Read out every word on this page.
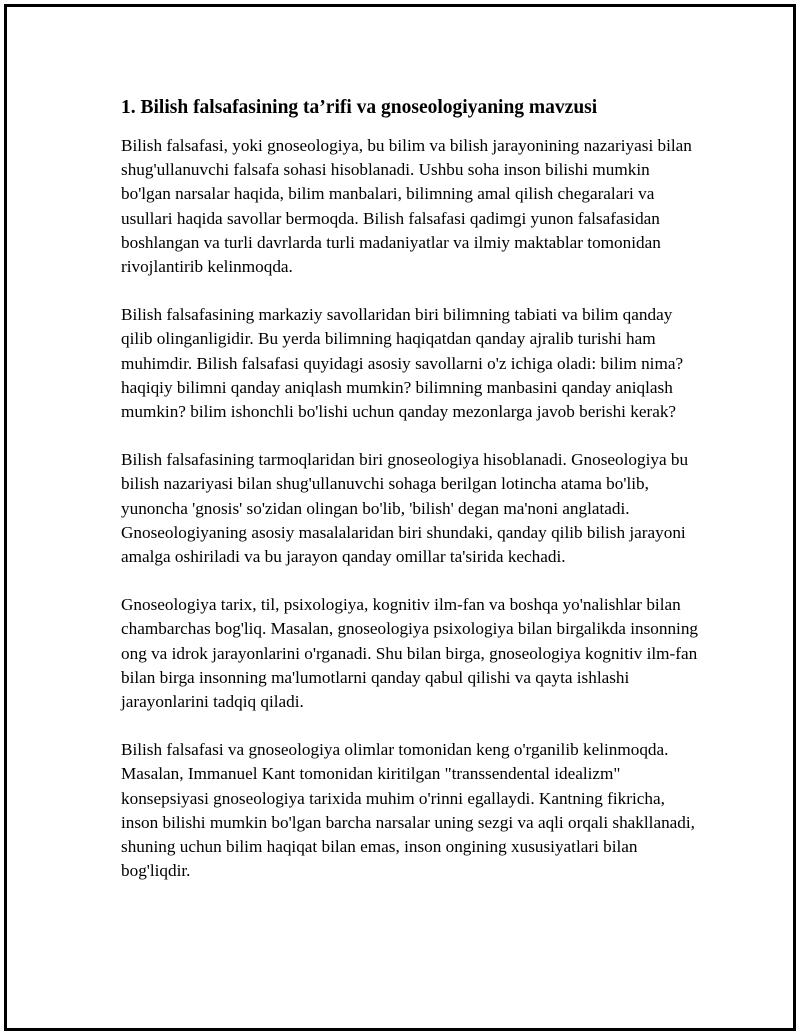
1. Bilish falsafasining ta’rifi va gnoseologiyaning mavzusi

Bilish falsafasi, yoki gnoseologiya, bu bilim va bilish jarayonining nazariyasi bilan shug'ullanuvchi falsafa sohasi hisoblanadi. Ushbu soha inson bilishi mumkin bo'lgan narsalar haqida, bilim manbalari, bilimning amal qilish chegaralari va usullari haqida savollar bermoqda. Bilish falsafasi qadimgi yunon falsafasidan boshlangan va turli davrlarda turli madaniyatlar va ilmiy maktablar tomonidan rivojlantirib kelinmoqda.

Bilish falsafasining markaziy savollaridan biri bilimning tabiati va bilim qanday qilib olinganligidir. Bu yerda bilimning haqiqatdan qanday ajralib turishi ham muhimdir. Bilish falsafasi quyidagi asosiy savollarni o'z ichiga oladi: bilim nima? haqiqiy bilimni qanday aniqlash mumkin? bilimning manbasini qanday aniqlash mumkin? bilim ishonchli bo'lishi uchun qanday mezonlarga javob berishi kerak?

Bilish falsafasining tarmoqlaridan biri gnoseologiya hisoblanadi. Gnoseologiya bu bilish nazariyasi bilan shug'ullanuvchi sohaga berilgan lotincha atama bo'lib, yunoncha 'gnosis' so'zidan olingan bo'lib, 'bilish' degan ma'noni anglatadi. Gnoseologiyaning asosiy masalalaridan biri shundaki, qanday qilib bilish jarayoni amalga oshiriladi va bu jarayon qanday omillar ta'sirida kechadi.

Gnoseologiya tarix, til, psixologiya, kognitiv ilm-fan va boshqa yo'nalishlar bilan chambarchas bog'liq. Masalan, gnoseologiya psixologiya bilan birgalikda insonning ong va idrok jarayonlarini o'rganadi. Shu bilan birga, gnoseologiya kognitiv ilm-fan bilan birga insonning ma'lumotlarni qanday qabul qilishi va qayta ishlashi jarayonlarini tadqiq qiladi.

Bilish falsafasi va gnoseologiya olimlar tomonidan keng o'rganilib kelinmoqda. Masalan, Immanuel Kant tomonidan kiritilgan "transsendental idealizm" konsepsiyasi gnoseologiya tarixida muhim o'rinni egallaydi. Kantning fikricha, inson bilishi mumkin bo'lgan barcha narsalar uning sezgi va aqli orqali shakllanadi, shuning uchun bilim haqiqat bilan emas, inson ongining xususiyatlari bilan bog'liqdir.
